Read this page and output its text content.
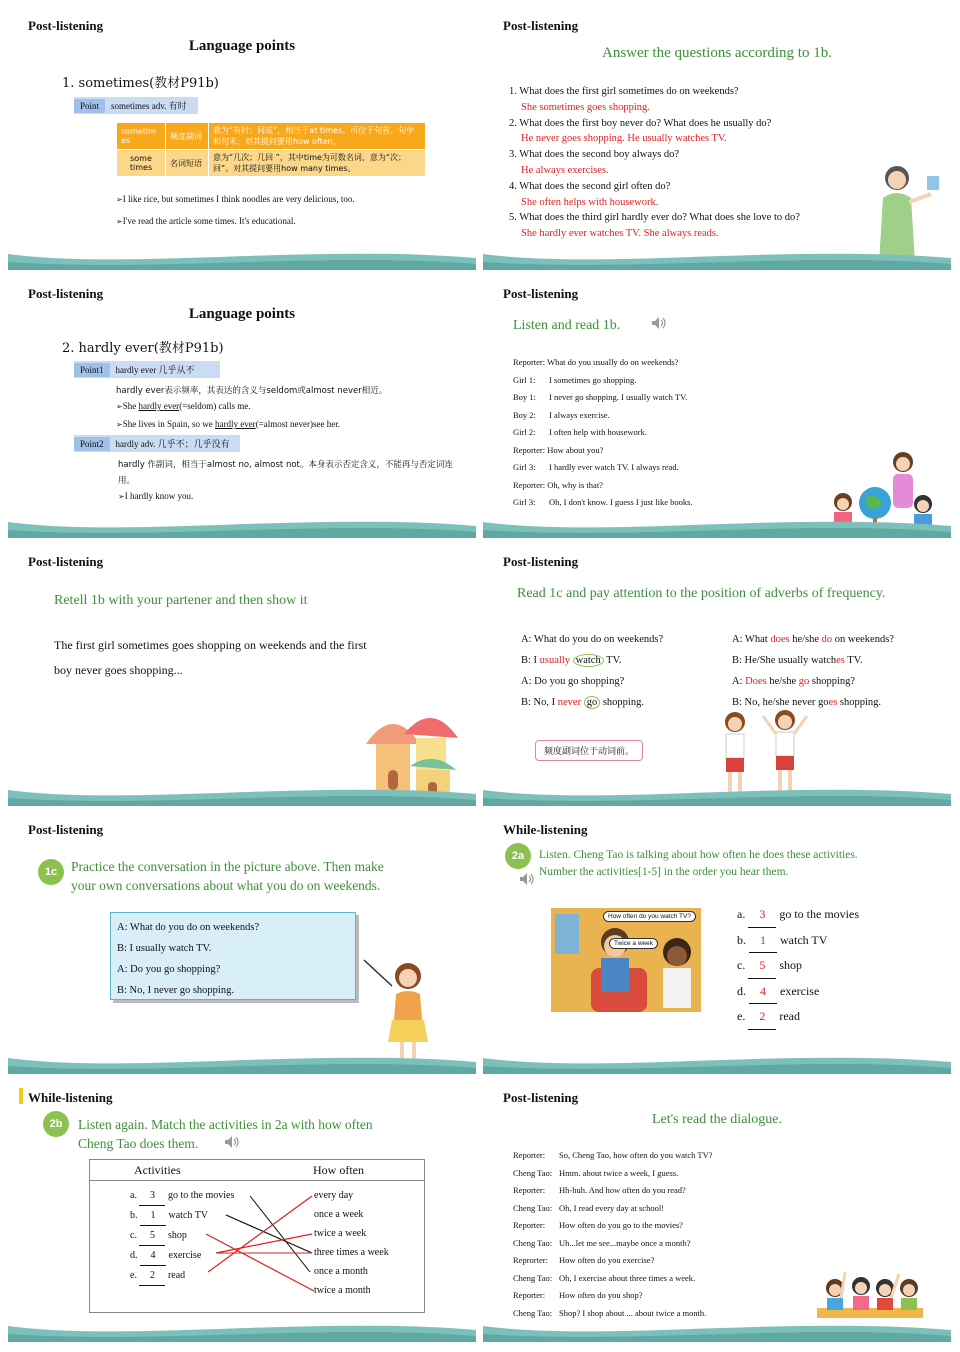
Post-listening
Language points
1. sometimes(教材P91b)
Point sometimes adv. 有时
sometim es	频度副词	意为“有时；间或”，相当于at times。可位于句首、句中和句末，对其提问要用how often。
some times	名词短语	意为“几次；几回 ”，其中time为可数名词，意为“次；回”。对其提问要用how many times。
➢ I like rice, but sometimes I think noodles are very delicious, too.
➢ I've read the article some times. It's educational.
Post-listening
Answer the questions according to 1b.
1. What does the first girl sometimes do on weekends?
She sometimes goes shopping.
2. What does the first boy never do? What does he usually do?
He never goes shopping. He usually watches TV.
3. What does the second boy always do?
He always exercises.
4. What does the second girl often do?
She often helps with housework.
5. What does the third girl hardly ever do? What does she love to do?
She hardly ever watches TV. She always reads.
Post-listening
Language points
2. hardly ever(教材P91b)
Point1 hardly ever 几乎从不
hardly ever表示频率，其表达的含义与seldom或almost never相近。
➢ She hardly ever(=seldom) calls me.
➢ She lives in Spain, so we hardly ever(=almost never)see her.
Point2 hardly adv. 几乎不；几乎没有
hardly 作副词，相当于almost no, almost not。本身表示否定含义，不能再与否定词连用。
➢ I hardly know you.
Post-listening
Listen and read 1b.
Reporter: What do you usually do on weekends?
Girl 1: I sometimes go shopping.
Boy 1: I never go shopping. I usually watch TV.
Boy 2: I always exercise.
Girl 2: I often help with housework.
Reporter: How about you?
Girl 3: I hardly ever watch TV. I always read.
Reporter: Oh, why is that?
Girl 3: Oh, I don't know. I guess I just like books.
Post-listening
Retell 1b with your partener and then show it
The first girl sometimes goes shopping on weekends and the first
boy never goes shopping...
Post-listening
Read 1c and pay attention to the position of adverbs of frequency.
A: What do you do on weekends?
B: I usually watch TV.
A: Do you go shopping?
B: No, I never go shopping.
A: What does he/she do on weekends?
B: He/She usually watches TV.
A: Does he/she go shopping?
B: No, he/she never goes shopping.
频度副词位于动词前。
Post-listening
1c	Practice the conversation in the picture above. Then make
your own conversations about what you do on weekends.
A: What do you do on weekends?
B: I usually watch TV.
A: Do you go shopping?
B: No, I never go shopping.
While-listening
2a	Listen. Cheng Tao is talking about how often he does these activities.
Number the activities[1-5] in the order you hear them.
How often do you watch TV?
Twice a week
a. 3 go to the movies
b. 1 watch TV
c. 5 shop
d. 4 exercise
e. 2 read
While-listening
2b	Listen again. Match the activities in 2a with how often
Cheng Tao does them.
Activities	How often
a. 3 go to the movies
b. 1 watch TV
c. 5 shop
d. 4 exercise
e. 2 read
every day
once a week
twice a week
three times a week
once a month
twice a month
Post-listening
Let's read the dialogue.
Reporter: So, Cheng Tao, how often do you watch TV?
Cheng Tao: Hmm. about twice a week, I guess.
Reporter: Hh-huh. And how often do you read?
Cheng Tao: Oh, I read every day at school!
Reporter: How often do you go to the movies?
Cheng Tao: Uh...let me see...maybe once a month?
Reprorter: How often do you exercise?
Cheng Tao: Oh, I exercise about three times a week.
Reporter: How often do you shop?
Cheng Tao: Shop? I shop about ... about twice a month.
